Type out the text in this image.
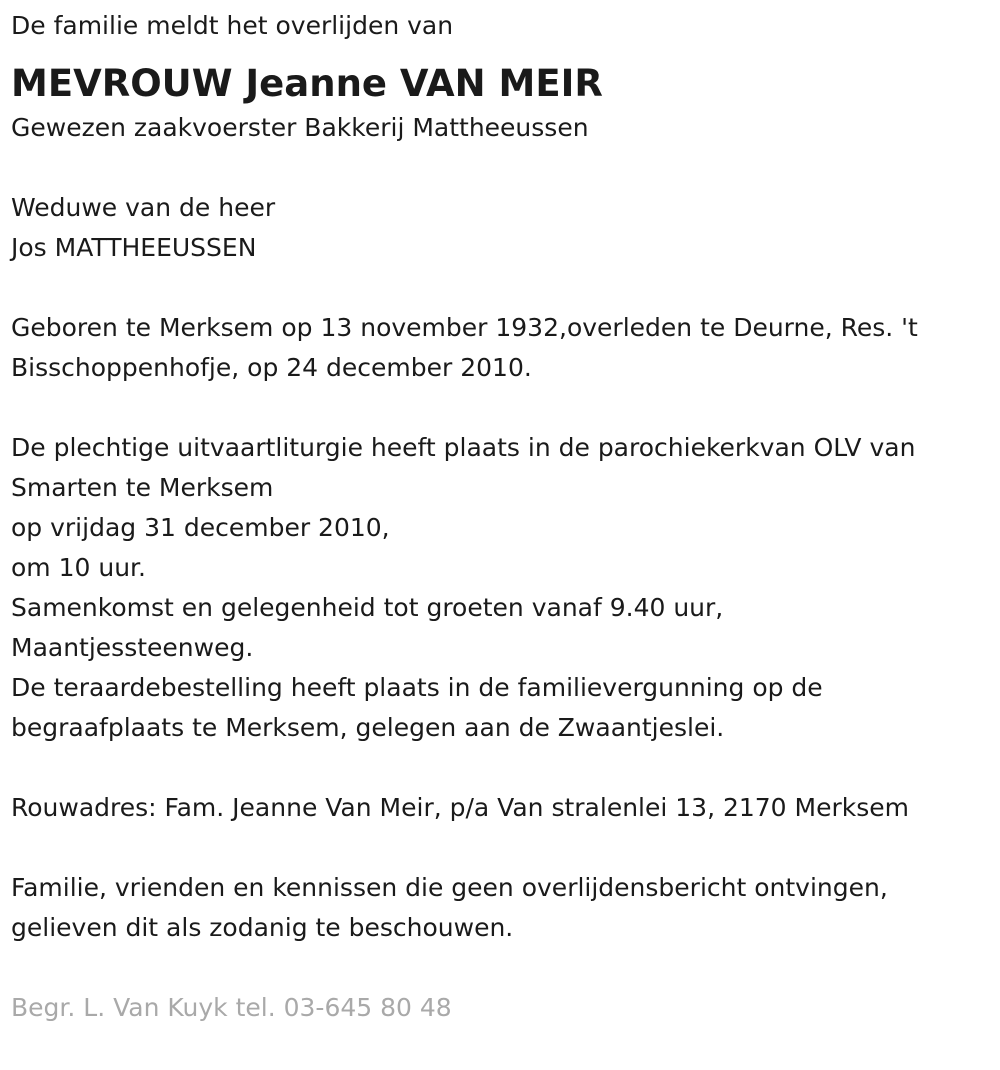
De familie meldt het overlijden van
MEVROUW Jeanne VAN MEIR
Gewezen zaakvoerster Bakkerij Mattheeussen
Weduwe van de heer
Jos MATTHEEUSSEN
Geboren te Merksem op 13 november 1932,overleden te Deurne, Res. 't
Bisschoppenhofje, op 24 december 2010.
De plechtige uitvaartliturgie heeft plaats in de parochiekerkvan OLV van
Smarten te Merksem
op vrijdag 31 december 2010,
om 10 uur.
Samenkomst en gelegenheid tot groeten vanaf 9.40 uur,
Maantjessteenweg.
De teraardebestelling heeft plaats in de familievergunning op de
begraafplaats te Merksem, gelegen aan de Zwaantjeslei.
Rouwadres: Fam. Jeanne Van Meir, p/a Van stralenlei 13, 2170 Merksem
Familie, vrienden en kennissen die geen overlijdensbericht ontvingen,
gelieven dit als zodanig te beschouwen.
Begr. L. Van Kuyk tel. 03-645 80 48
